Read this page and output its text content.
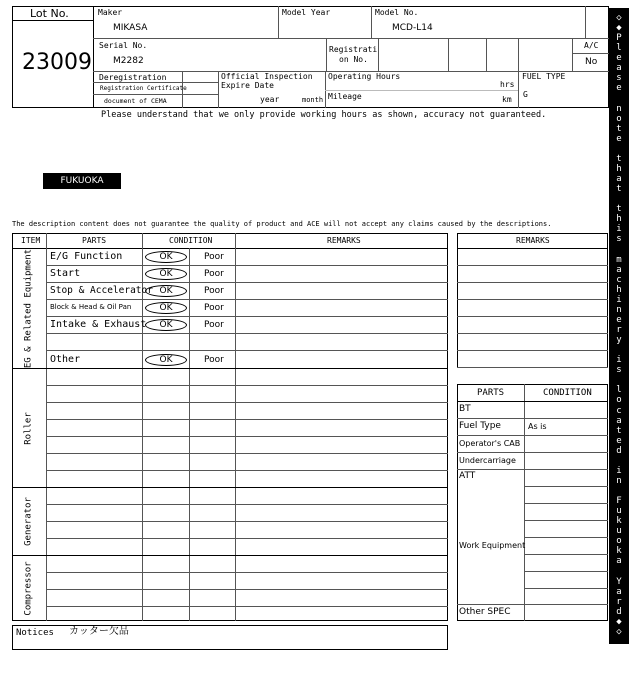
Lot No.
23009
Maker
MIKASA
Model Year	Model No.
MCD-L14
Serial No.
M2282
Registrati
on No.
A/C
No
Deregistration
Registration Certificate
document of CEMA
Official Inspection
Expire Date
year	month
Operating Hours
hrs
Mileage	km
FUEL TYPE
G
Please understand that we only provide working hours as shown, accuracy not guaranteed.
FUKUOKA
The description content does not guarantee the quality of product and ACE will not accept any claims caused by the descriptions.
ITEM	PARTS	CONDITION	REMARKS
EG & Related Equipment
Roller
Generator
Compressor
E/G Function	OK	Poor
Start	OK	Poor
Stop & Accelerator OK	Poor
Block & Head & Oil Pan	OK	Poor
Intake & Exhaust	OK	Poor
Other	OK	Poor
REMARKS
PARTS	CONDITION
BT
Fuel Type	As is
Operator's CAB
Undercarriage
ATT
Work Equipment
Other SPEC
Notices カッター欠品
◇
◆
P
l
e
a
s
e
n
o
t
e
t
h
a
t
t
h
i
s
m
a
c
h
i
n
e
r
y
i
s
l
o
c
a
t
e
d
i
n
F
u
k
u
o
k
a
Y
a
r
d
◆
◇
